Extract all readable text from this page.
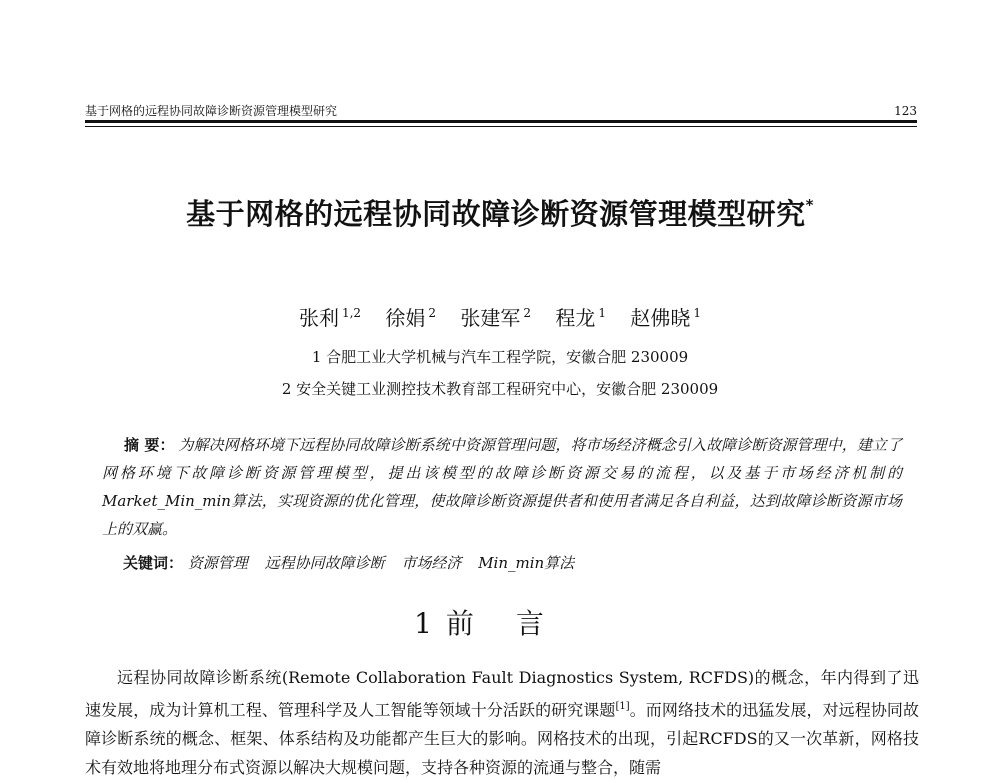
基于网格的远程协同故障诊断资源管理模型研究	123
基于网格的远程协同故障诊断资源管理模型研究*
张利 $^{1,2}$ 徐娟 $^2$ 张建军 $^2$ 程龙 $^1$ 赵佛晓 $^1$
1 合肥工业大学机械与汽车工程学院，安徽合肥 230009
2 安全关键工业测控技术教育部工程研究中心，安徽合肥 230009
摘 要： 为解决网格环境下远程协同故障诊断系统中资源管理问题，将市场经济概念引入故障诊断资源管理中，建立了网格环境下故障诊断资源管理模型，提出该模型的故障诊断资源交易的流程，以及基于市场经济机制的Market_Min_min算法，实现资源的优化管理，使故障诊断资源提供者和使用者满足各自利益，达到故障诊断资源市场上的双赢。
关键词： 资源管理 远程协同故障诊断 市场经济 Min_min算法
1 前言

远程协同故障诊断系统(Remote Collaboration Fault Diagnostics System, RCFDS)的概念，年内得到了迅速发展，成为计算机工程、管理科学及人工智能等领域十分活跃的研究课题[1]。而网络技术的迅猛发展，对远程协同故障诊断系统的概念、框架、体系结构及功能都产生巨大的影响。网格技术的出现，引起RCFDS的又一次革新，网格技术有效地将地理分布式资源以解决大规模问题，支持各种资源的流通与整合，随需
